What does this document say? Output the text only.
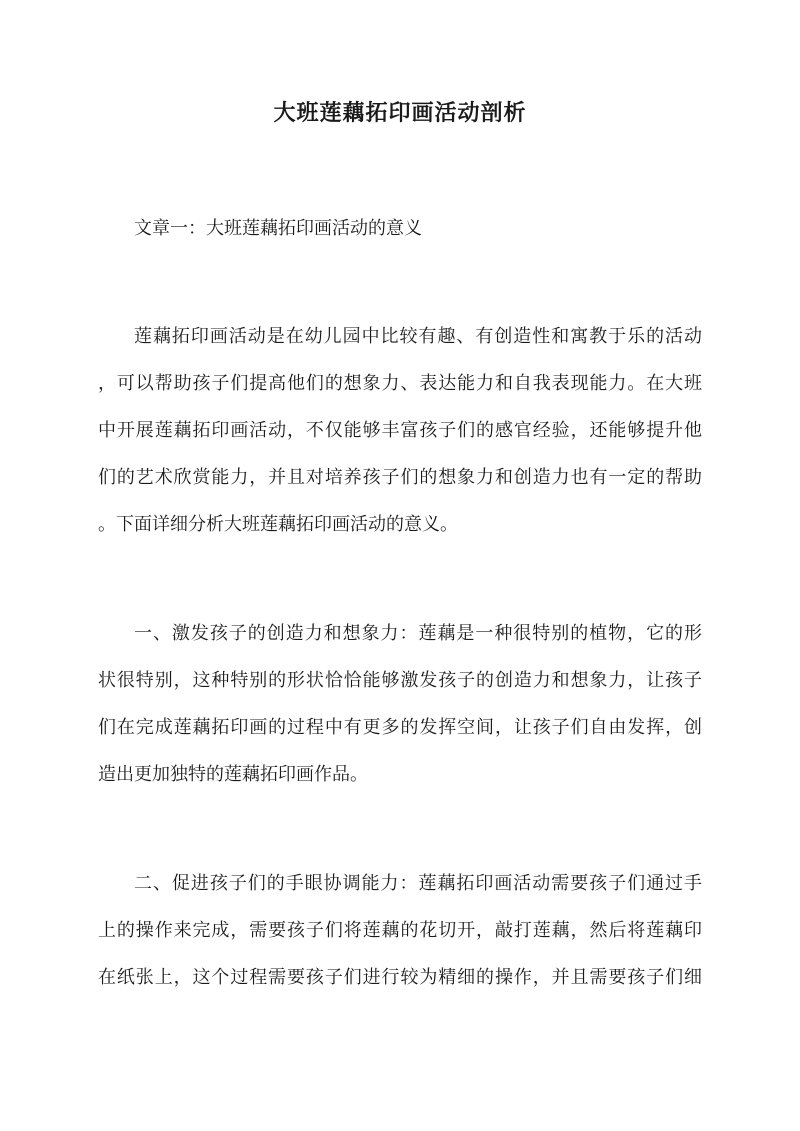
大班莲藕拓印画活动剖析

文章一：大班莲藕拓印画活动的意义

莲藕拓印画活动是在幼儿园中比较有趣、有创造性和寓教于乐的活动
，可以帮助孩子们提高他们的想象力、表达能力和自我表现能力。在大班
中开展莲藕拓印画活动，不仅能够丰富孩子们的感官经验，还能够提升他
们的艺术欣赏能力，并且对培养孩子们的想象力和创造力也有一定的帮助
。下面详细分析大班莲藕拓印画活动的意义。

一、激发孩子的创造力和想象力：莲藕是一种很特别的植物，它的形
状很特别，这种特别的形状恰恰能够激发孩子的创造力和想象力，让孩子
们在完成莲藕拓印画的过程中有更多的发挥空间，让孩子们自由发挥，创
造出更加独特的莲藕拓印画作品。

二、促进孩子们的手眼协调能力：莲藕拓印画活动需要孩子们通过手
上的操作来完成，需要孩子们将莲藕的花切开，敲打莲藕，然后将莲藕印
在纸张上，这个过程需要孩子们进行较为精细的操作，并且需要孩子们细
